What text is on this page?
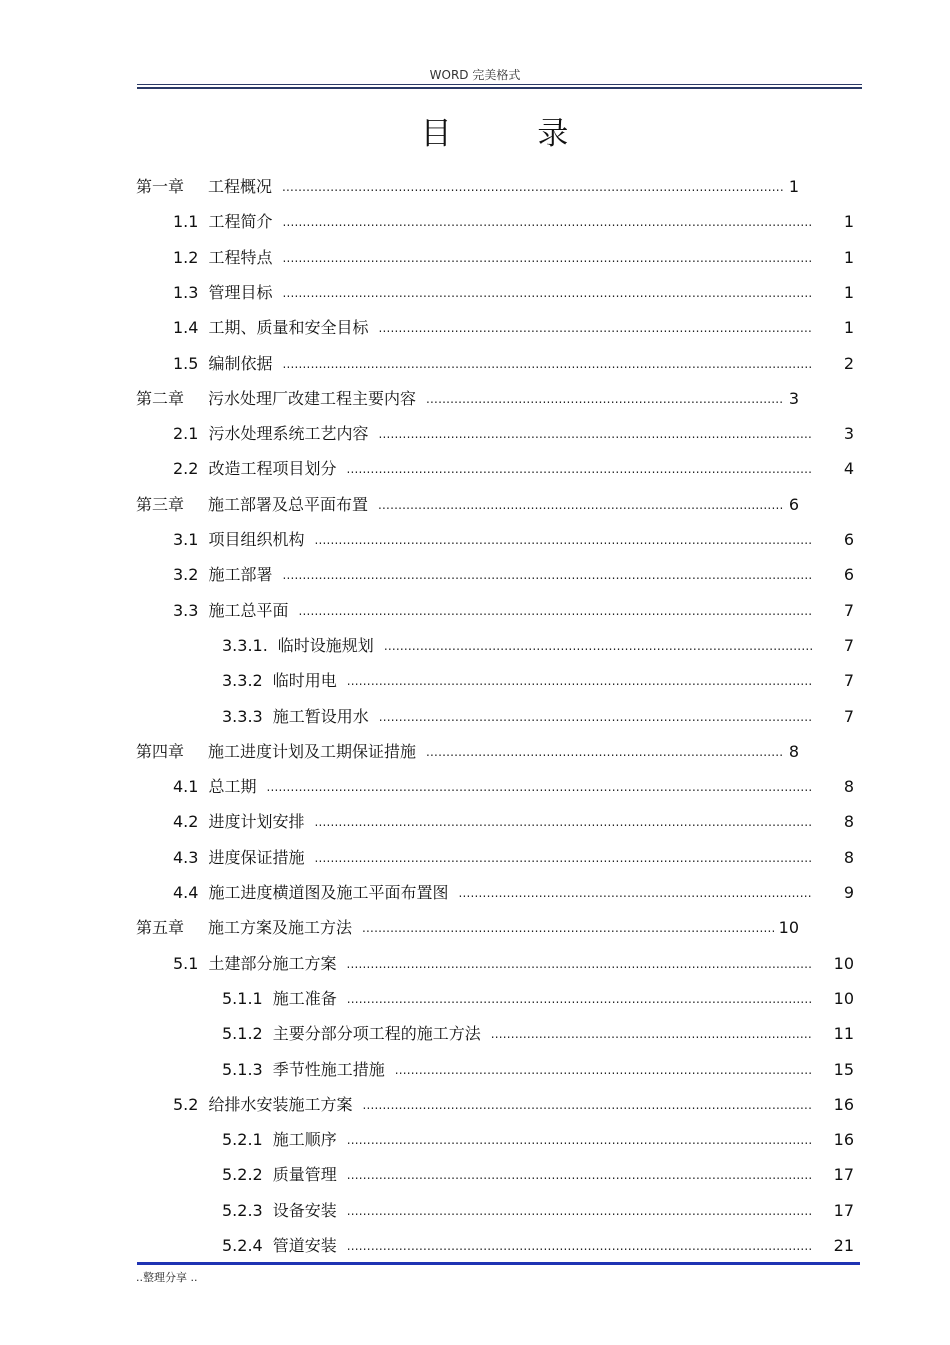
WORD 完美格式
目 录
第一章 工程概况 .....	1
1.1 工程简介 .....	1
1.2 工程特点 .....	1
1.3 管理目标 .....	1
1.4 工期、质量和安全目标 .....	1
1.5 编制依据 .....	2
第二章 污水处理厂改建工程主要内容 .....	3
2.1 污水处理系统工艺内容 .....	3
2.2 改造工程项目划分 .....	4
第三章 施工部署及总平面布置 .....	6
3.1 项目组织机构 .....	6
3.2 施工部署 .....	6
3.3 施工总平面 .....	7
3.3.1. 临时设施规划 .....	7
3.3.2 临时用电 .....	7
3.3.3 施工暂设用水 .....	7
第四章 施工进度计划及工期保证措施 .....	8
4.1 总工期 .....	8
4.2 进度计划安排 .....	8
4.3 进度保证措施 .....	8
4.4 施工进度横道图及施工平面布置图 .....	9
第五章 施工方案及施工方法 .....	10
5.1 土建部分施工方案 .....	10
5.1.1 施工准备 .....	10
5.1.2 主要分部分项工程的施工方法 .....	11
5.1.3 季节性施工措施 .....	15
5.2 给排水安装施工方案 .....	16
5.2.1 施工顺序 .....	16
5.2.2 质量管理 .....	17
5.2.3 设备安装 .....	17
5.2.4 管道安装 .....	21
..整理分享 ..
